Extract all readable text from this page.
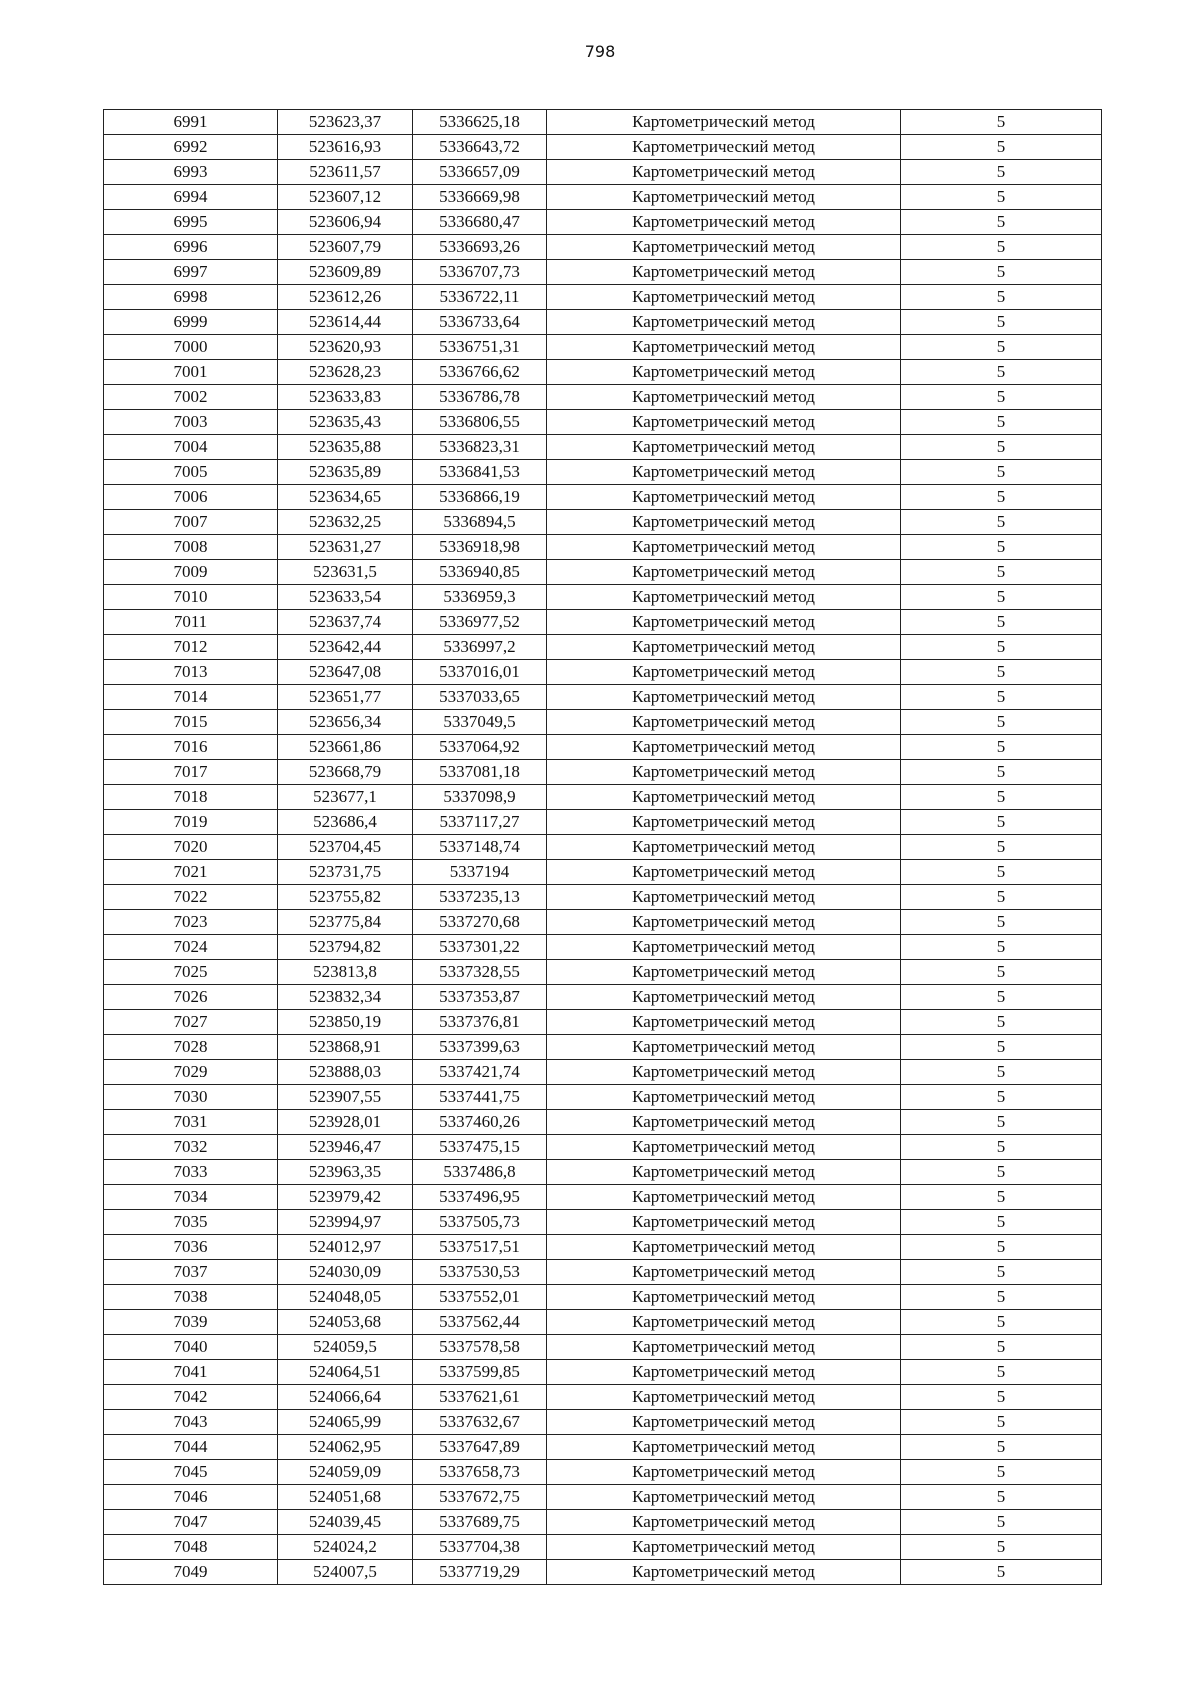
798
6991	523623,37	5336625,18	Картометрический метод	5
6992	523616,93	5336643,72	Картометрический метод	5
6993	523611,57	5336657,09	Картометрический метод	5
6994	523607,12	5336669,98	Картометрический метод	5
6995	523606,94	5336680,47	Картометрический метод	5
6996	523607,79	5336693,26	Картометрический метод	5
6997	523609,89	5336707,73	Картометрический метод	5
6998	523612,26	5336722,11	Картометрический метод	5
6999	523614,44	5336733,64	Картометрический метод	5
7000	523620,93	5336751,31	Картометрический метод	5
7001	523628,23	5336766,62	Картометрический метод	5
7002	523633,83	5336786,78	Картометрический метод	5
7003	523635,43	5336806,55	Картометрический метод	5
7004	523635,88	5336823,31	Картометрический метод	5
7005	523635,89	5336841,53	Картометрический метод	5
7006	523634,65	5336866,19	Картометрический метод	5
7007	523632,25	5336894,5	Картометрический метод	5
7008	523631,27	5336918,98	Картометрический метод	5
7009	523631,5	5336940,85	Картометрический метод	5
7010	523633,54	5336959,3	Картометрический метод	5
7011	523637,74	5336977,52	Картометрический метод	5
7012	523642,44	5336997,2	Картометрический метод	5
7013	523647,08	5337016,01	Картометрический метод	5
7014	523651,77	5337033,65	Картометрический метод	5
7015	523656,34	5337049,5	Картометрический метод	5
7016	523661,86	5337064,92	Картометрический метод	5
7017	523668,79	5337081,18	Картометрический метод	5
7018	523677,1	5337098,9	Картометрический метод	5
7019	523686,4	5337117,27	Картометрический метод	5
7020	523704,45	5337148,74	Картометрический метод	5
7021	523731,75	5337194	Картометрический метод	5
7022	523755,82	5337235,13	Картометрический метод	5
7023	523775,84	5337270,68	Картометрический метод	5
7024	523794,82	5337301,22	Картометрический метод	5
7025	523813,8	5337328,55	Картометрический метод	5
7026	523832,34	5337353,87	Картометрический метод	5
7027	523850,19	5337376,81	Картометрический метод	5
7028	523868,91	5337399,63	Картометрический метод	5
7029	523888,03	5337421,74	Картометрический метод	5
7030	523907,55	5337441,75	Картометрический метод	5
7031	523928,01	5337460,26	Картометрический метод	5
7032	523946,47	5337475,15	Картометрический метод	5
7033	523963,35	5337486,8	Картометрический метод	5
7034	523979,42	5337496,95	Картометрический метод	5
7035	523994,97	5337505,73	Картометрический метод	5
7036	524012,97	5337517,51	Картометрический метод	5
7037	524030,09	5337530,53	Картометрический метод	5
7038	524048,05	5337552,01	Картометрический метод	5
7039	524053,68	5337562,44	Картометрический метод	5
7040	524059,5	5337578,58	Картометрический метод	5
7041	524064,51	5337599,85	Картометрический метод	5
7042	524066,64	5337621,61	Картометрический метод	5
7043	524065,99	5337632,67	Картометрический метод	5
7044	524062,95	5337647,89	Картометрический метод	5
7045	524059,09	5337658,73	Картометрический метод	5
7046	524051,68	5337672,75	Картометрический метод	5
7047	524039,45	5337689,75	Картометрический метод	5
7048	524024,2	5337704,38	Картометрический метод	5
7049	524007,5	5337719,29	Картометрический метод	5
